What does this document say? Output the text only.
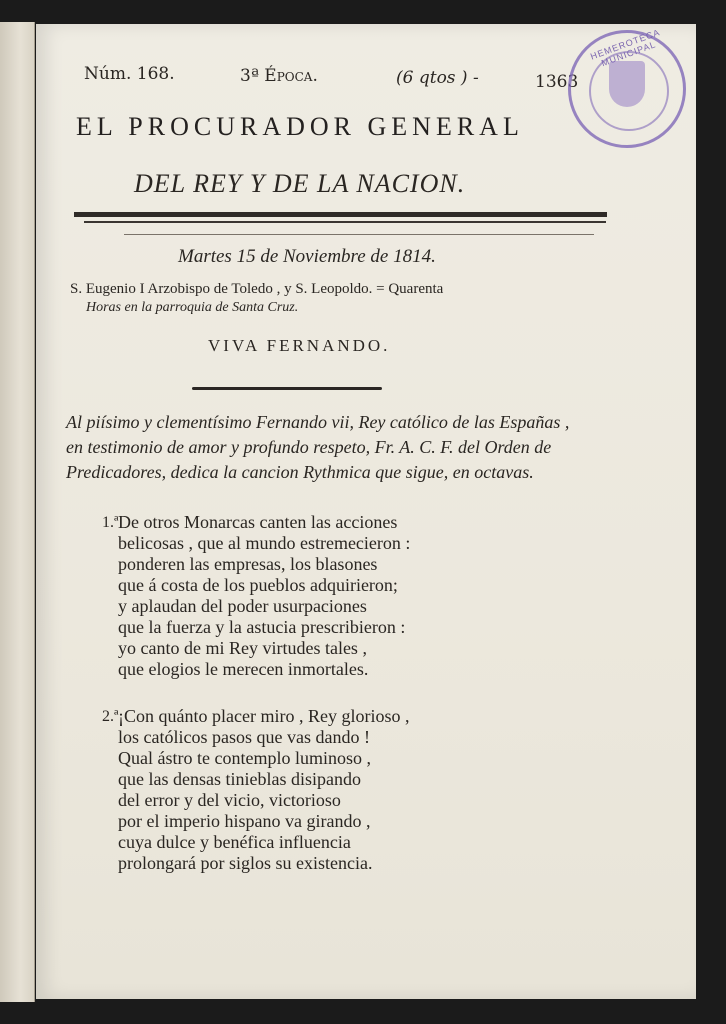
Núm. 168.	3ª Época.	(6 qtos ) -	1363
EL PROCURADOR GENERAL
DEL REY Y DE LA NACION.
Martes 15 de Noviembre de 1814.
S. Eugenio I Arzobispo de Toledo , y S. Leopoldo. = Quarenta
Horas en la parroquia de Santa Cruz.
VIVA FERNANDO.
Al piísimo y clementísimo Fernando vii, Rey católico de las Españas , en testimonio de amor y profundo respeto, Fr. A. C. F. del Orden de Predicadores, dedica la cancion Rythmica que sigue, en octavas.
1.ª De otros Monarcas canten las acciones
belicosas , que al mundo estremecieron :
ponderen las empresas, los blasones
que á costa de los pueblos adquirieron;
y aplaudan del poder usurpaciones
que la fuerza y la astucia prescribieron :
yo canto de mi Rey virtudes tales ,
que elogios le merecen inmortales.
2.ª ¡Con quánto placer miro , Rey glorioso ,
los católicos pasos que vas dando !
Qual ástro te contemplo luminoso ,
que las densas tinieblas disipando
del error y del vicio, victorioso
por el imperio hispano va girando ,
cuya dulce y benéfica influencia
prolongará por siglos su existencia.
HEMEROTECA MUNICIPAL
